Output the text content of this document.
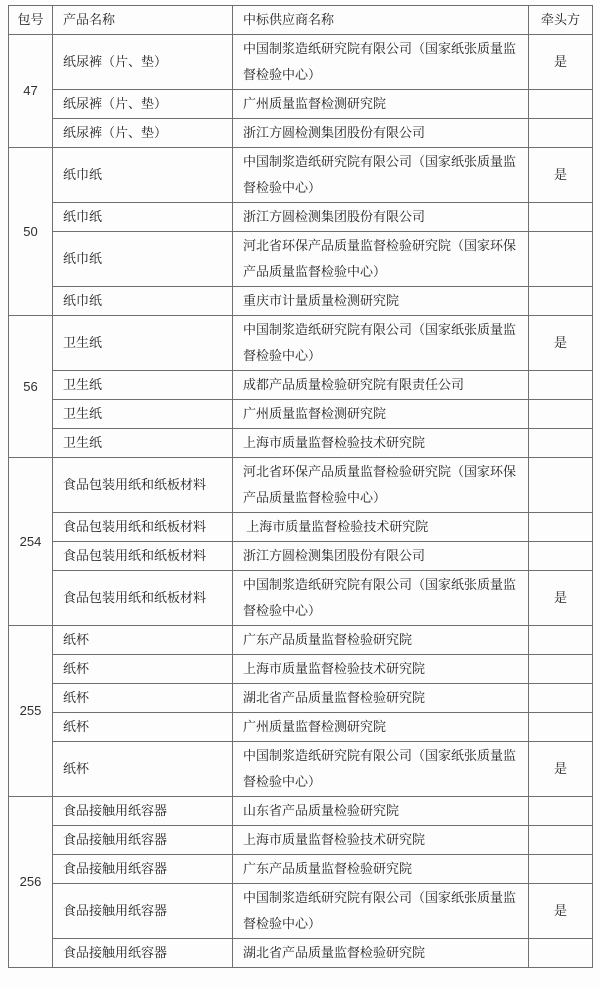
包号	产品名称	中标供应商名称	牵头方
47	纸尿裤（片、垫）	中国制浆造纸研究院有限公司（国家纸张质量监督检验中心）	是
	纸尿裤（片、垫）	广州质量监督检测研究院	
	纸尿裤（片、垫）	浙江方圆检测集团股份有限公司	
50	纸巾纸	中国制浆造纸研究院有限公司（国家纸张质量监督检验中心）	是
	纸巾纸	浙江方圆检测集团股份有限公司	
	纸巾纸	河北省环保产品质量监督检验研究院（国家环保产品质量监督检验中心）	
	纸巾纸	重庆市计量质量检测研究院	
56	卫生纸	中国制浆造纸研究院有限公司（国家纸张质量监督检验中心）	是
	卫生纸	成都产品质量检验研究院有限责任公司	
	卫生纸	广州质量监督检测研究院	
	卫生纸	上海市质量监督检验技术研究院	
254	食品包装用纸和纸板材料	河北省环保产品质量监督检验研究院（国家环保产品质量监督检验中心）	
	食品包装用纸和纸板材料	上海市质量监督检验技术研究院	
	食品包装用纸和纸板材料	浙江方圆检测集团股份有限公司	
	食品包装用纸和纸板材料	中国制浆造纸研究院有限公司（国家纸张质量监督检验中心）	是
255	纸杯	广东产品质量监督检验研究院	
	纸杯	上海市质量监督检验技术研究院	
	纸杯	湖北省产品质量监督检验研究院	
	纸杯	广州质量监督检测研究院	
	纸杯	中国制浆造纸研究院有限公司（国家纸张质量监督检验中心）	是
256	食品接触用纸容器	山东省产品质量检验研究院	
	食品接触用纸容器	上海市质量监督检验技术研究院	
	食品接触用纸容器	广东产品质量监督检验研究院	
	食品接触用纸容器	中国制浆造纸研究院有限公司（国家纸张质量监督检验中心）	是
	食品接触用纸容器	湖北省产品质量监督检验研究院	
